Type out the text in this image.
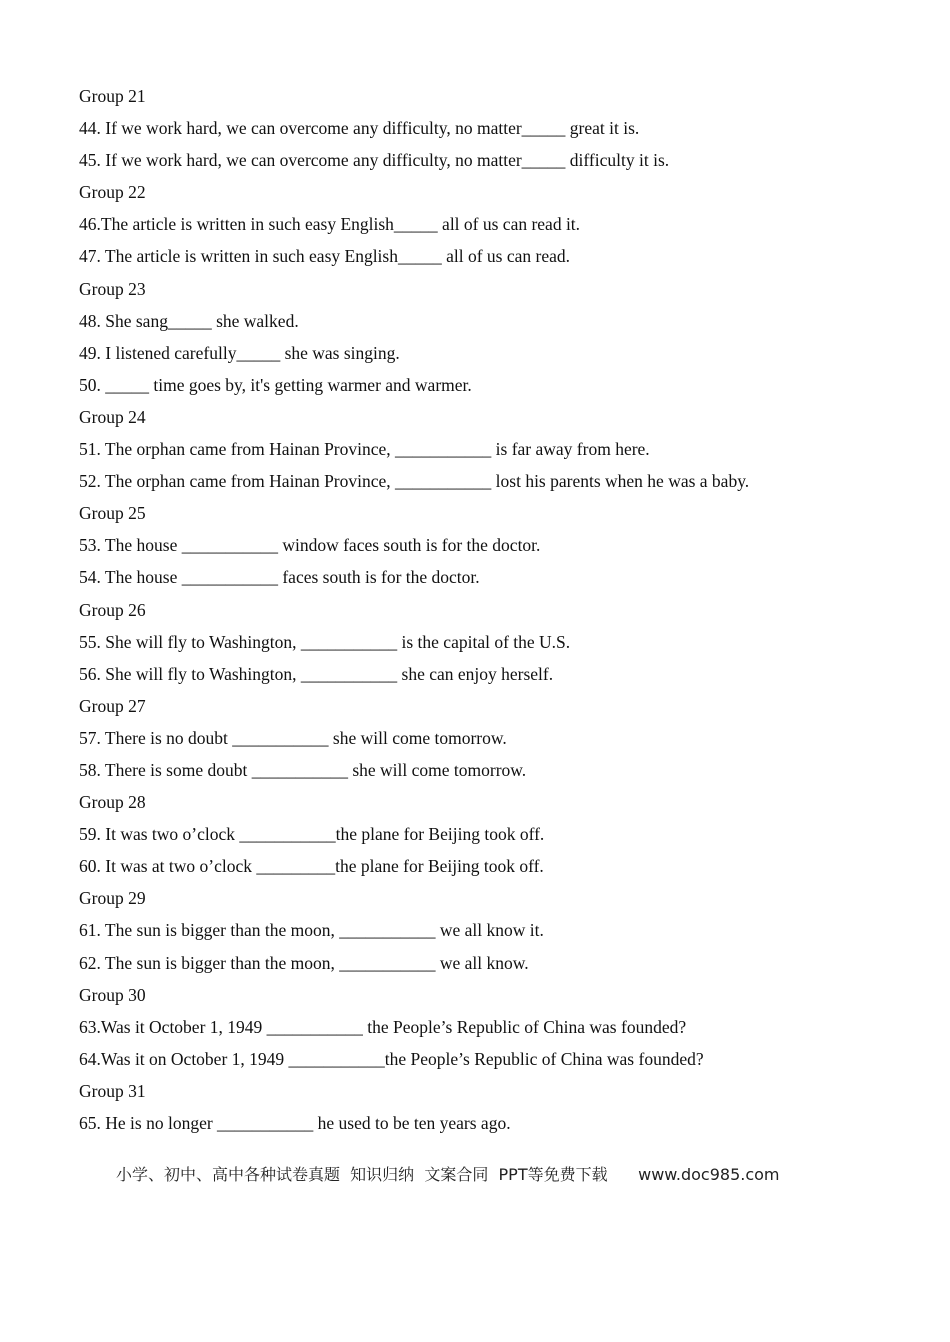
Group 21
44. If we work hard, we can overcome any difficulty, no matter_____ great it is.
45. If we work hard, we can overcome any difficulty, no matter_____ difficulty it is.
Group 22
46.The article is written in such easy English_____ all of us can read it.
47. The article is written in such easy English_____ all of us can read.
Group 23
48. She sang_____ she walked.
49. I listened carefully_____ she was singing.
50. _____ time goes by, it's getting warmer and warmer.
Group 24
51. The orphan came from Hainan Province, ___________ is far away from here.
52. The orphan came from Hainan Province, ___________ lost his parents when he was a baby.
Group 25
53. The house ___________ window faces south is for the doctor.
54. The house ___________ faces south is for the doctor.
Group 26
55. She will fly to Washington, ___________ is the capital of the U.S.
56. She will fly to Washington, ___________ she can enjoy herself.
Group 27
57. There is no doubt ___________ she will come tomorrow.
58. There is some doubt ___________ she will come tomorrow.
Group 28
59. It was two o’clock ___________the plane for Beijing took off.
60. It was at two o’clock _________the plane for Beijing took off.
Group 29
61. The sun is bigger than the moon, ___________ we all know it.
62. The sun is bigger than the moon, ___________ we all know.
Group 30
63.Was it October 1, 1949 ___________ the People’s Republic of China was founded?
64.Was it on October 1, 1949 ___________the People’s Republic of China was founded?
Group 31
65. He is no longer ___________ he used to be ten years ago.
小学、初中、高中各种试卷真题  知识归纳  文案合同  PPT等免费下载      www.doc985.com
